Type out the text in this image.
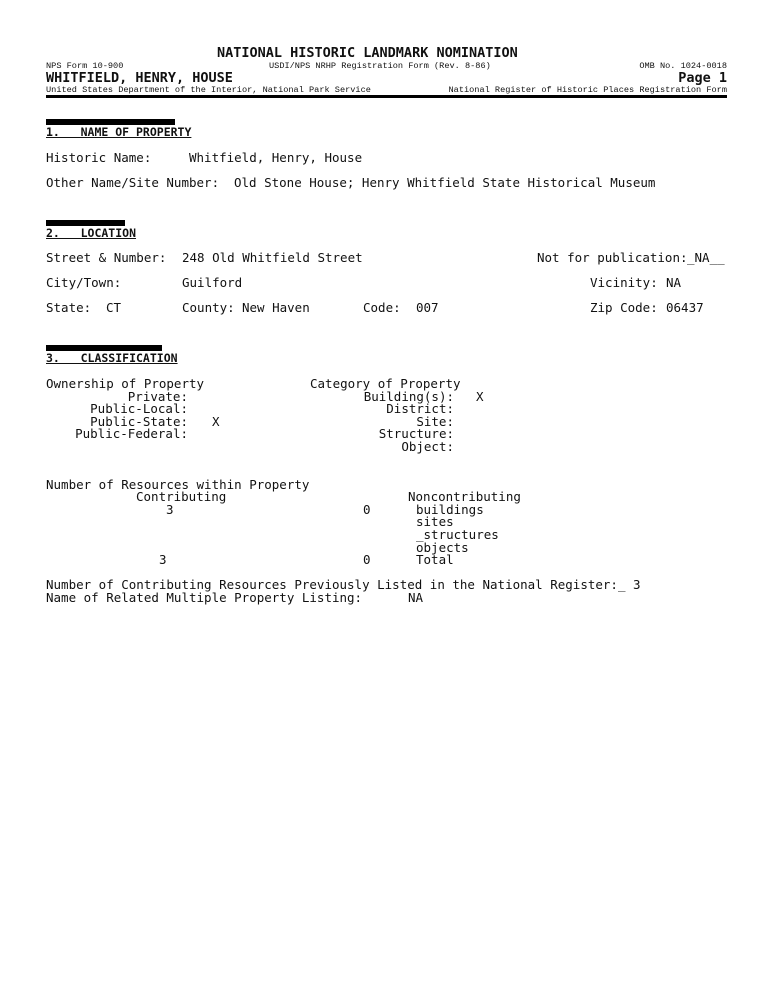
NATIONAL HISTORIC LANDMARK NOMINATION
NPS Form 10-900	USDI/NPS NRHP Registration Form (Rev. 8-86)	OMB No. 1024-0018
WHITFIELD, HENRY, HOUSE	Page 1
United States Department of the Interior, National Park Service	National Register of Historic Places Registration Form
1.   NAME OF PROPERTY
Historic Name:	Whitfield, Henry, House
Other Name/Site Number: Old Stone House; Henry Whitfield State Historical Museum
2.   LOCATION
Street & Number: 248 Old Whitfield Street	Not for publication: _NA__
City/Town:	Guilford	Vicinity: NA
State: CT	County: New Haven	Code: 007	Zip Code: 06437
3.   CLASSIFICATION
Ownership of Property
Private:
Public-Local:
Public-State: X
Public-Federal:
Category of Property
Building(s): X
District:
Site:
Structure:
Object:
Number of Resources within Property
Contributing	Noncontributing
3	0	buildings
sites
_structures
objects
3	0	Total
Number of Contributing Resources Previously Listed in the National Register:_ 3
Name of Related Multiple Property Listing:	NA
